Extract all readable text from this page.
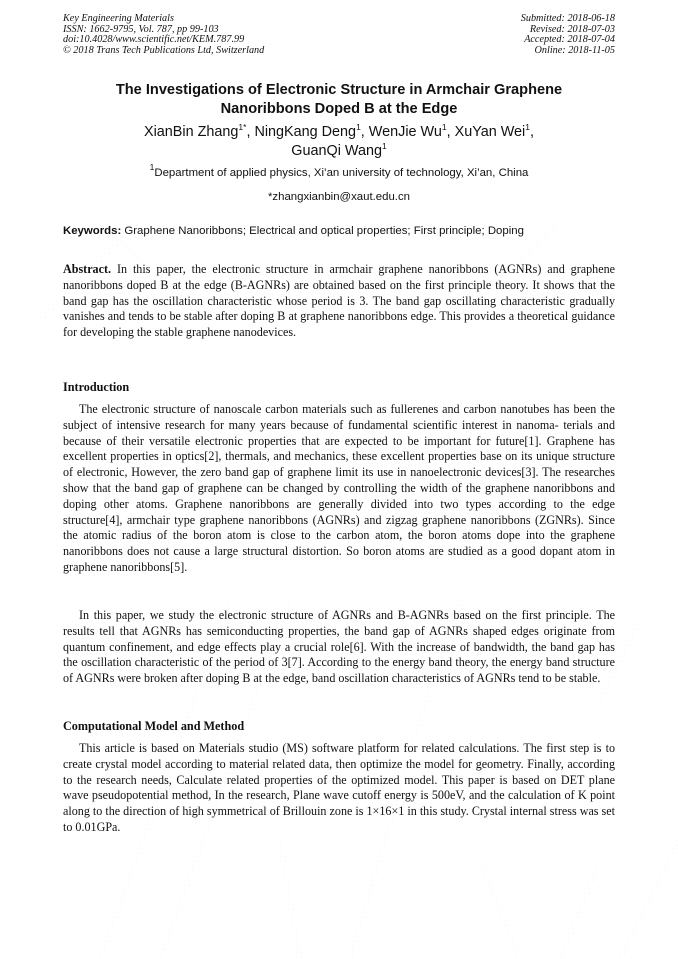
Key Engineering Materials
ISSN: 1662-9795, Vol. 787, pp 99-103
doi:10.4028/www.scientific.net/KEM.787.99
© 2018 Trans Tech Publications Ltd, Switzerland
Submitted: 2018-06-18
Revised: 2018-07-03
Accepted: 2018-07-04
Online: 2018-11-05
The Investigations of Electronic Structure in Armchair Graphene
Nanoribbons Doped B at the Edge
XianBin Zhang$^{1*}$, NingKang Deng$^1$, WenJie Wu$^1$, XuYan Wei$^1$,
GuanQi Wang$^1$
$^1$Department of applied physics, Xi’an university of technology, Xi’an, China
*zhangxianbin@xaut.edu.cn
Keywords: Graphene Nanoribbons; Electrical and optical properties; First principle; Doping
Abstract. In this paper, the electronic structure in armchair graphene nanoribbons (AGNRs) and graphene nanoribbons doped B at the edge (B-AGNRs) are obtained based on the first principle theory. It shows that the band gap has the oscillation characteristic whose period is 3. The band gap oscillating characteristic gradually vanishes and tends to be stable after doping B at graphene nanoribbons edge. This provides a theoretical guidance for developing the stable graphene nanodevices.
Introduction
The electronic structure of nanoscale carbon materials such as fullerenes and carbon nanotubes has been the subject of intensive research for many years because of fundamental scientific interest in nanoma- terials and because of their versatile electronic properties that are expected to be important for future[1]. Graphene has excellent properties in optics[2], thermals, and mechanics, these excellent properties base on its unique structure of electronic, However, the zero band gap of graphene limit its use in nanoelectronic devices[3]. The researches show that the band gap of graphene can be changed by controlling the width of the graphene nanoribbons and doping other atoms. Graphene nanoribbons are generally divided into two types according to the edge structure[4], armchair type graphene nanoribbons (AGNRs) and zigzag graphene nanoribbons (ZGNRs). Since the atomic radius of the boron atom is close to the carbon atom, the boron atoms dope into the graphene nanoribbons does not cause a large structural distortion. So boron atoms are studied as a good dopant atom in graphene nanoribbons[5].
In this paper, we study the electronic structure of AGNRs and B-AGNRs based on the first principle. The results tell that AGNRs has semiconducting properties, the band gap of AGNRs shaped edges originate from quantum confinement, and edge effects play a crucial role[6]. With the increase of bandwidth, the band gap has the oscillation characteristic of the period of 3[7]. According to the energy band theory, the energy band structure of AGNRs were broken after doping B at the edge, band oscillation characteristics of AGNRs tend to be stable.
Computational Model and Method
This article is based on Materials studio (MS) software platform for related calculations. The first step is to create crystal model according to material related data, then optimize the model for geometry. Finally, according to the research needs, Calculate related properties of the optimized model. This paper is based on DET plane wave pseudopotential method, In the research, Plane wave cutoff energy is 500eV, and the calculation of K point along to the direction of high symmetrical of Brillouin zone is 1×16×1 in this study. Crystal internal stress was set to 0.01GPa.
